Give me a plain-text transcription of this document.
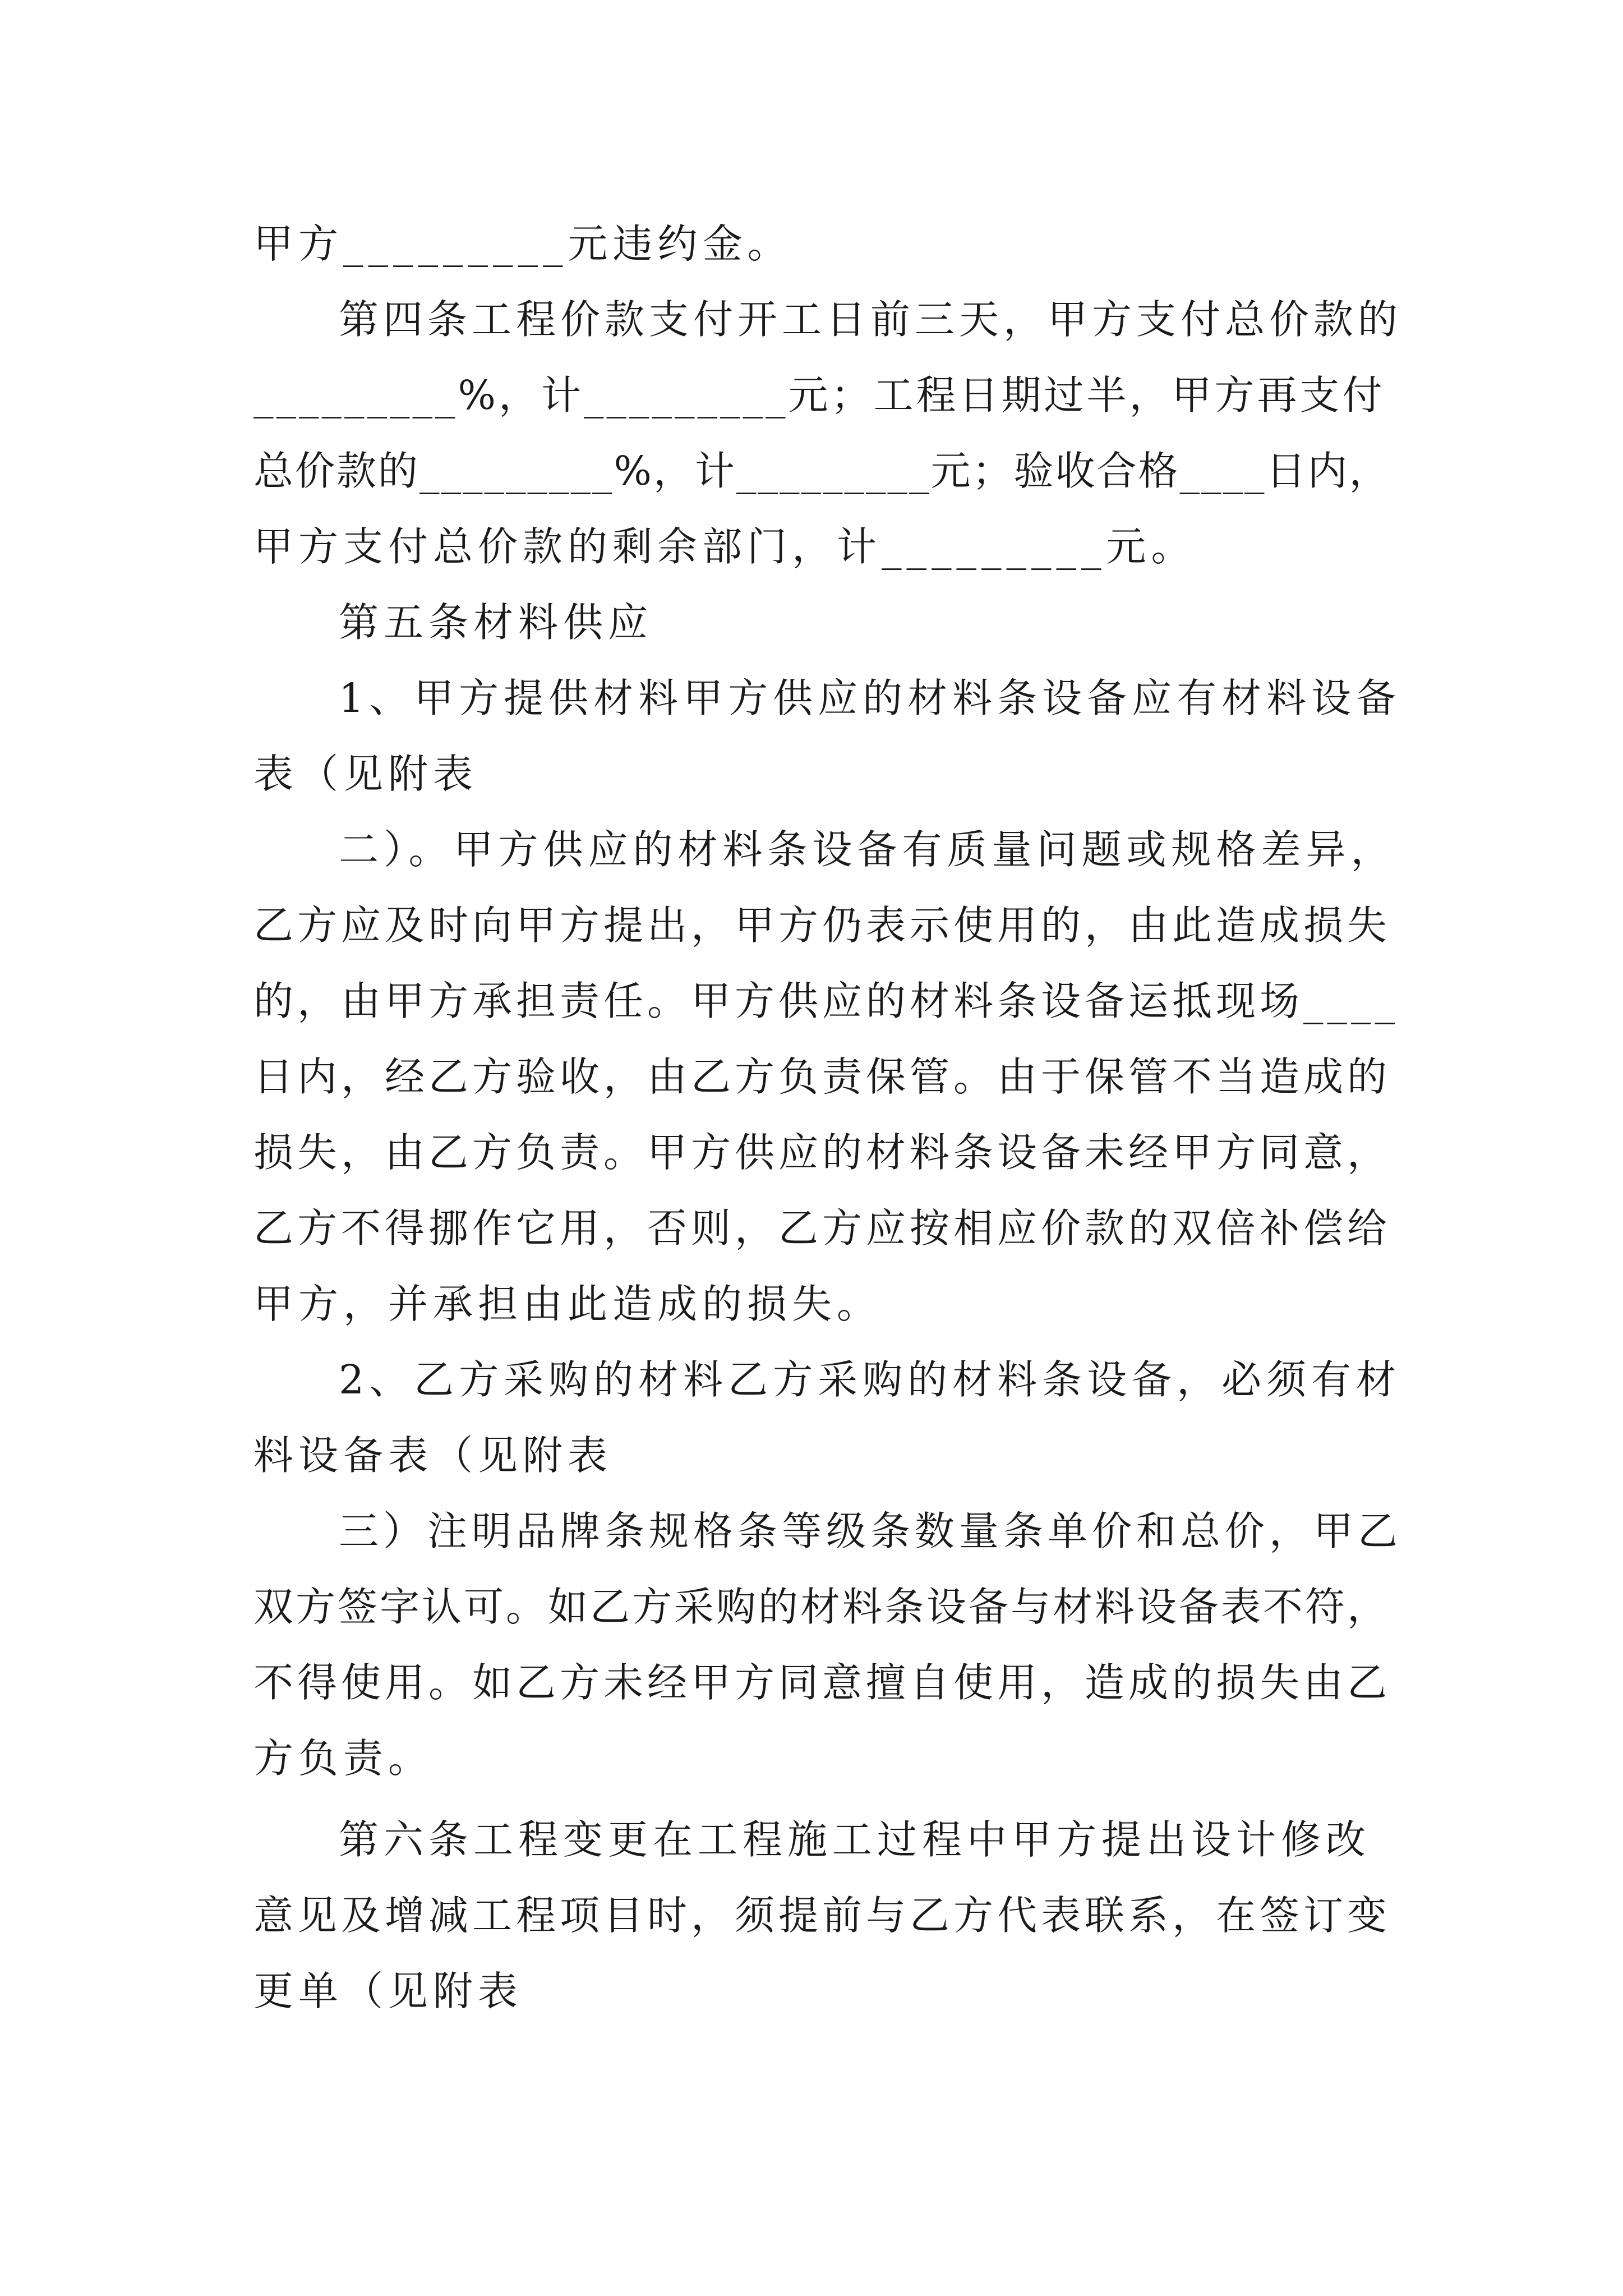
甲方_________元违约金。
第四条工程价款支付开工日前三天，甲方支付总价款的
_________%，计_________元；工程日期过半，甲方再支付
总价款的_________%，计_________元；验收合格____日内，
甲方支付总价款的剩余部门，计_________元。
第五条材料供应
1、甲方提供材料甲方供应的材料条设备应有材料设备
表（见附表
二）。甲方供应的材料条设备有质量问题或规格差异，
乙方应及时向甲方提出，甲方仍表示使用的，由此造成损失
的，由甲方承担责任。甲方供应的材料条设备运抵现场____
日内，经乙方验收，由乙方负责保管。由于保管不当造成的
损失，由乙方负责。甲方供应的材料条设备未经甲方同意，
乙方不得挪作它用，否则，乙方应按相应价款的双倍补偿给
甲方，并承担由此造成的损失。
2、乙方采购的材料乙方采购的材料条设备，必须有材
料设备表（见附表
三）注明品牌条规格条等级条数量条单价和总价，甲乙
双方签字认可。如乙方采购的材料条设备与材料设备表不符，
不得使用。如乙方未经甲方同意擅自使用，造成的损失由乙
方负责。
第六条工程变更在工程施工过程中甲方提出设计修改
意见及增减工程项目时，须提前与乙方代表联系，在签订变
更单（见附表
